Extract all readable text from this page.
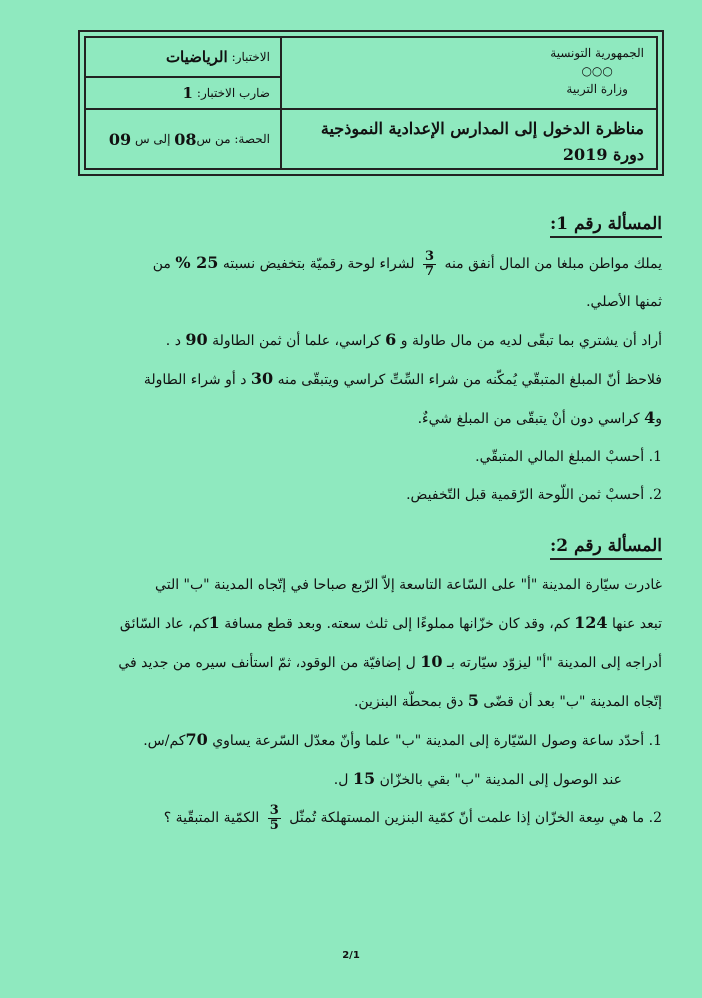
الجمهورية التونسية
○○○
وزارة التربية
مناظرة الدخول إلى المدارس الإعدادية النموذجية
دورة 2019
الاختبار:
الرياضيات
ضارب الاختبار:
1
الحصة: من س
08

إلى س

09
المسألة رقم 1:

يملك مواطن مبلغا من المال أنفق منه
$\frac{3}{7}$
لشراء لوحة رقميّة بتخفيض نسبته 25 % من

ثمنها الأصلي.

أراد أن يشتري بما تبقّى لديه من مال طاولة و 6 كراسي، علما أن ثمن الطاولة 90 د .

فلاحظ أنّ المبلغ المتبقّي يُمكّنه من شراء السِّتِّ كراسي ويتبقّى منه 30 د أو شراء الطاولة

و4 كراسي دون أنْ يتبقّى من المبلغ شيءٌ.

1. أحسبْ المبلغ المالي المتبقّي.

2. أحسبْ ثمن اللّوحة الرّقمية قبل التّخفيض.

المسألة رقم 2:

غادرت سيّارة المدينة "أ" على السّاعة التاسعة إلاّ الرّبع صباحا في إتّجاه المدينة "ب" التي

تبعد عنها 124 كم، وقد كان خزّانها مملوءًا إلى ثلث سعته. وبعد قطع مسافة 1كم، عاد السّائق

أدراجه إلى المدينة "أ" ليزوّد سيّارته بـ 10 ل إضافيّة من الوقود، ثمّ استأنف سيره من جديد في

إتّجاه المدينة "ب" بعد أن قضّى 5 دق بمحطّة البنزين.

1. أحدّد ساعة وصول السّيّارة إلى المدينة "ب" علما وأنّ معدّل السّرعة يساوي 70كم/س.

عند الوصول إلى المدينة "ب" بقي بالخزّان 15 ل.

2. ما هي سِعة الخزّان إذا علمت أنّ كمّية البنزين المستهلكة تُمثّل
$\frac{3}{5}$
الكمّية المتبقّية ؟

2/1
